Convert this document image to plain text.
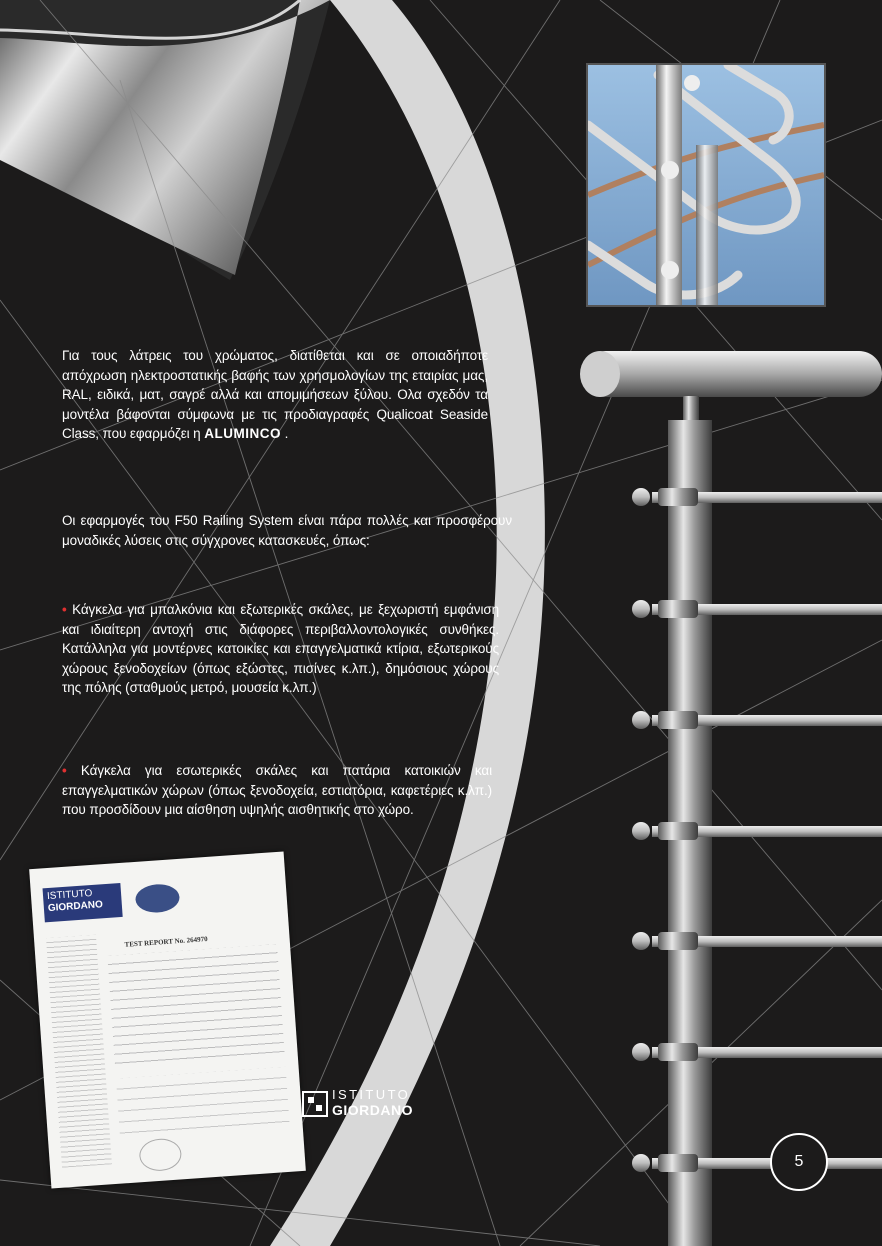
Για τους λάτρεις του χρώματος, διατίθεται και σε οποιαδήποτε απόχρωση ηλεκτροστατικής βαφής των χρησμολογίων της εταιρίας μας, RAL, ειδικά, ματ, σαγρέ αλλά και απομιμήσεων ξύλου. Ολα σχεδόν τα μοντέλα βάφονται σύμφωνα με τις προδιαγραφές Qualicoat Seaside Class, που εφαρμόζει η ALUMINCO .
Οι εφαρμογές του F50 Railing System είναι πάρα πολλές και προσφέρουν μοναδικές λύσεις στις σύγχρονες κατασκευές, όπως:
• Κάγκελα για μπαλκόνια και εξωτερικές σκάλες, με ξεχωριστή εμφάνιση και ιδιαίτερη αντοχή στις διάφορες περιβαλλοντολογικές συνθήκες. Κατάλληλα για μοντέρνες κατοικίες και επαγγελματικά κτίρια, εξωτερικούς χώρους ξενοδοχείων (όπως εξώστες, πισίνες κ.λπ.), δημόσιους χώρους της πόλης (σταθμούς μετρό, μουσεία κ.λπ.)
• Κάγκελα για εσωτερικές σκάλες και πατάρια κατοικιών και επαγγελματικών χώρων (όπως ξενοδοχεία, εστιατόρια, καφετέριες κ.λπ.) που προσδίδουν μια αίσθηση υψηλής αισθητικής στο χώρο.
ISTITUTO
GIORDANO
TEST REPORT No. 264970
ISTITUTO
GIORDANO
5
